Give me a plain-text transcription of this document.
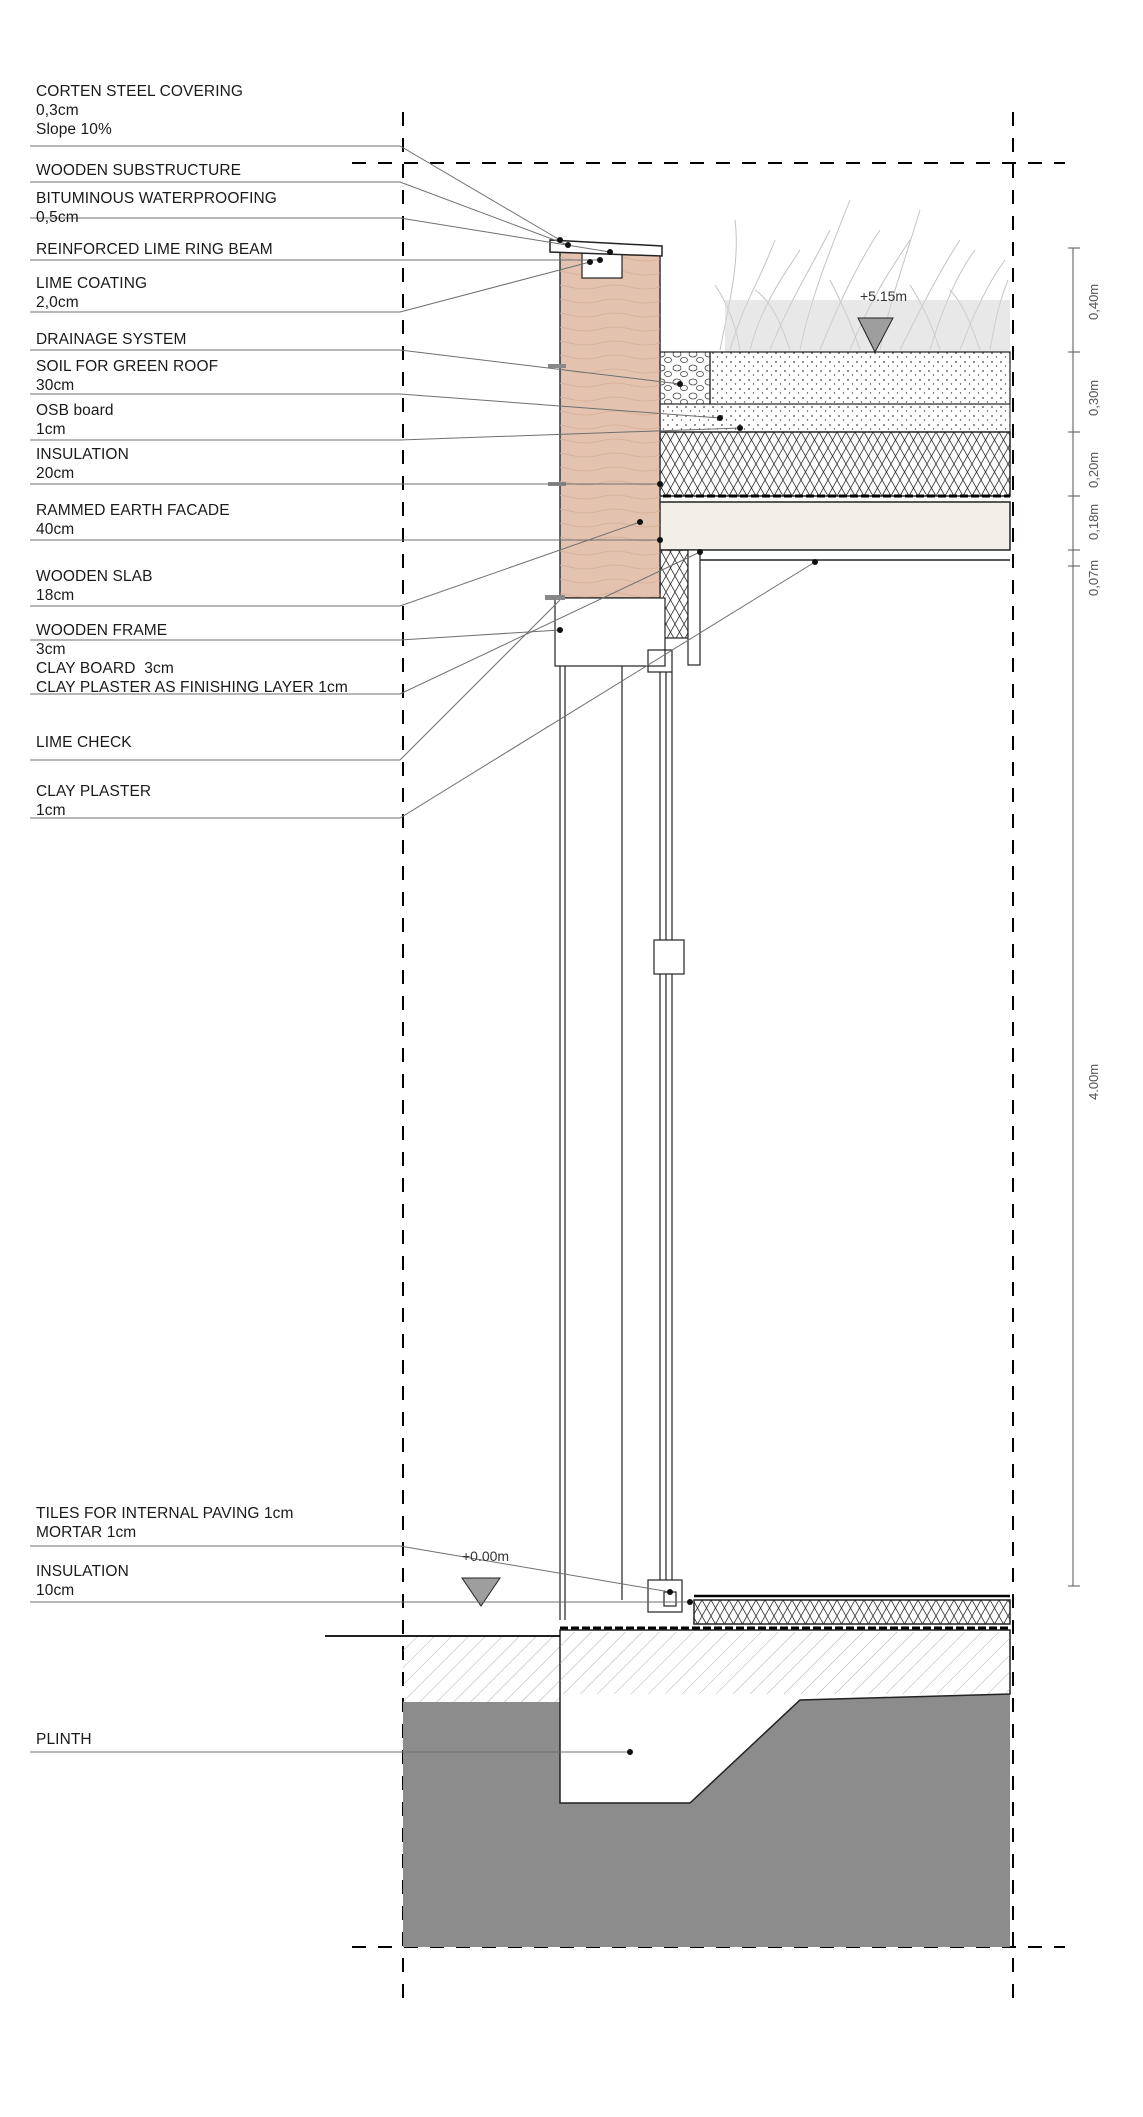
CORTEN STEEL COVERING
0,3cm
Slope 10%
WOODEN SUBSTRUCTURE
BITUMINOUS WATERPROOFING
0,5cm
REINFORCED LIME RING BEAM
LIME COATING
2,0cm
DRAINAGE SYSTEM
SOIL FOR GREEN ROOF
30cm
OSB board
1cm
INSULATION
20cm
RAMMED EARTH FACADE
40cm
WOODEN SLAB
18cm
WOODEN FRAME
3cm
CLAY BOARD  3cm
CLAY PLASTER AS FINISHING LAYER 1cm
LIME CHECK
CLAY PLASTER
1cm
TILES FOR INTERNAL PAVING 1cm
MORTAR 1cm
INSULATION
10cm
PLINTH
+5.15m
+0.00m
0,40m
0,30m
0,20m
0,18m
0,07m
4.00m
